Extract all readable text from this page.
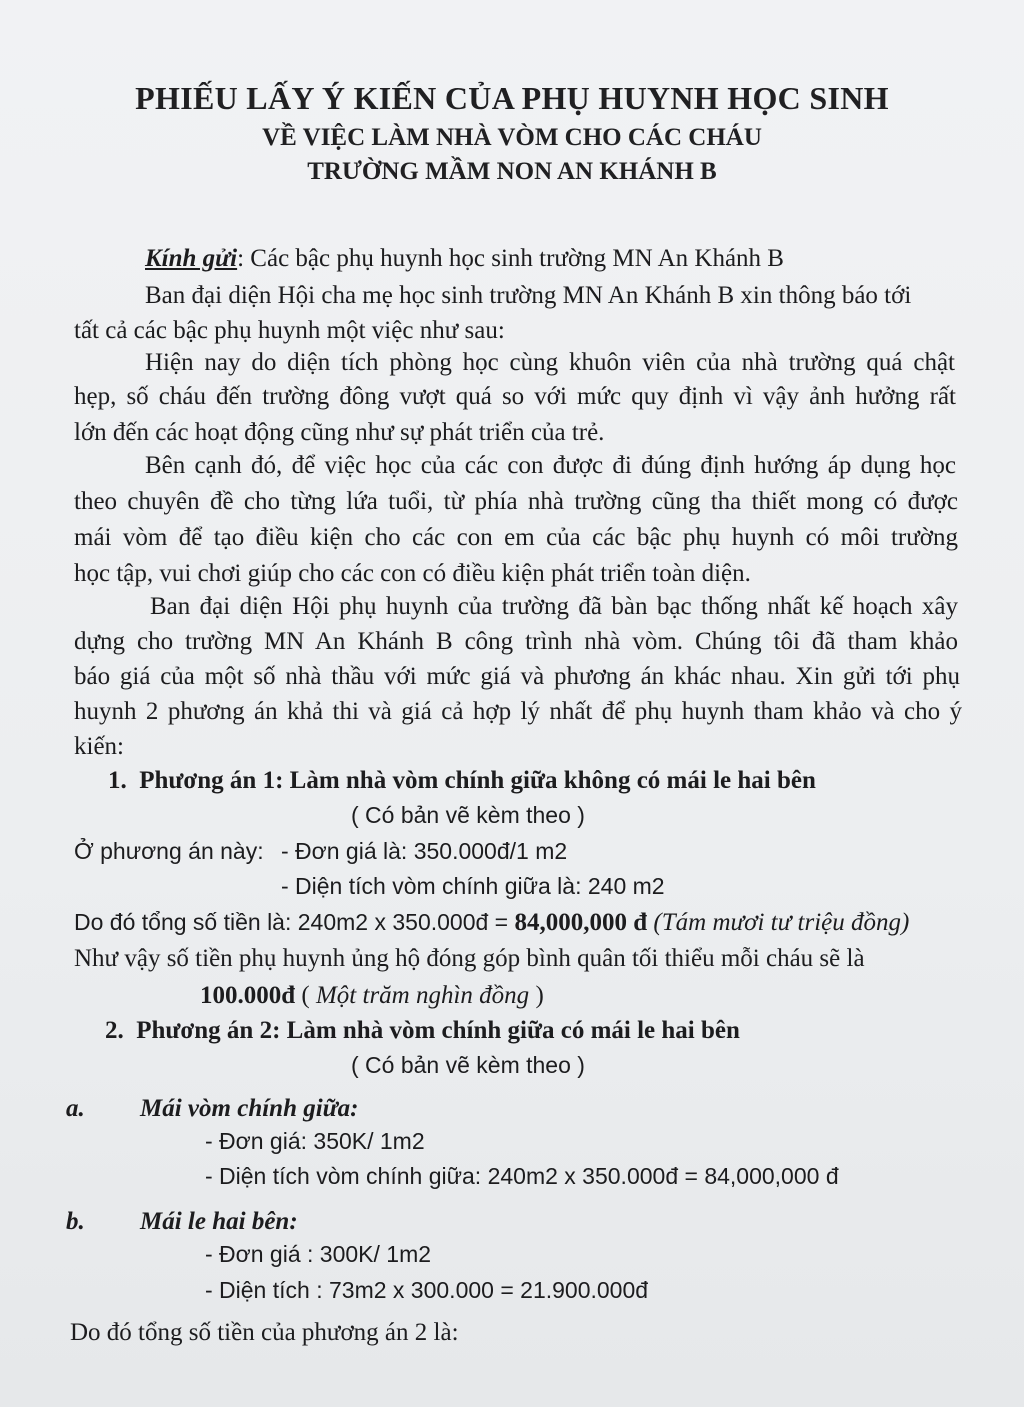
PHIẾU LẤY Ý KIẾN CỦA PHỤ HUYNH HỌC SINH
VỀ VIỆC LÀM NHÀ VÒM CHO CÁC CHÁU
TRƯỜNG MẦM NON AN KHÁNH B
Kính gửi: Các bậc phụ huynh học sinh trường MN An Khánh B
Ban đại diện Hội cha mẹ học sinh trường MN An Khánh B xin thông báo tới
tất cả các bậc phụ huynh một việc như sau:
Hiện nay do diện tích phòng học cùng khuôn viên của nhà trường quá chật
hẹp, số cháu đến trường đông vượt quá so với mức quy định vì vậy ảnh hưởng rất
lớn đến các hoạt động cũng như sự phát triển của trẻ.
Bên cạnh đó, để việc học của các con được đi đúng định hướng áp dụng học
theo chuyên đề cho từng lứa tuổi, từ phía nhà trường cũng tha thiết mong có được
mái vòm để tạo điều kiện cho các con em của các bậc phụ huynh có môi trường
học tập, vui chơi giúp cho các con có điều kiện phát triển toàn diện.
Ban đại diện Hội phụ huynh của trường đã bàn bạc thống nhất kế hoạch xây
dựng cho trường MN An Khánh B công trình nhà vòm. Chúng tôi đã tham khảo
báo giá của một số nhà thầu với mức giá và phương án khác nhau. Xin gửi tới phụ
huynh 2 phương án khả thi và giá cả hợp lý nhất để phụ huynh tham khảo và cho ý
kiến:
1. Phương án 1: Làm nhà vòm chính giữa không có mái le hai bên
( Có bản vẽ kèm theo )
Ở phương án này: - Đơn giá là: 350.000đ/1 m2
- Diện tích vòm chính giữa là: 240 m2
Do đó tổng số tiền là: 240m2 x 350.000đ = 84,000,000 đ (Tám mươi tư triệu đồng)
Như vậy số tiền phụ huynh ủng hộ đóng góp bình quân tối thiểu mỗi cháu sẽ là
100.000đ ( Một trăm nghìn đồng )
2. Phương án 2: Làm nhà vòm chính giữa có mái le hai bên
( Có bản vẽ kèm theo )
a. Mái vòm chính giữa:
- Đơn giá: 350K/ 1m2
- Diện tích vòm chính giữa: 240m2 x 350.000đ = 84,000,000 đ
b. Mái le hai bên:
- Đơn giá : 300K/ 1m2
- Diện tích : 73m2 x 300.000 = 21.900.000đ
Do đó tổng số tiền của phương án 2 là:
